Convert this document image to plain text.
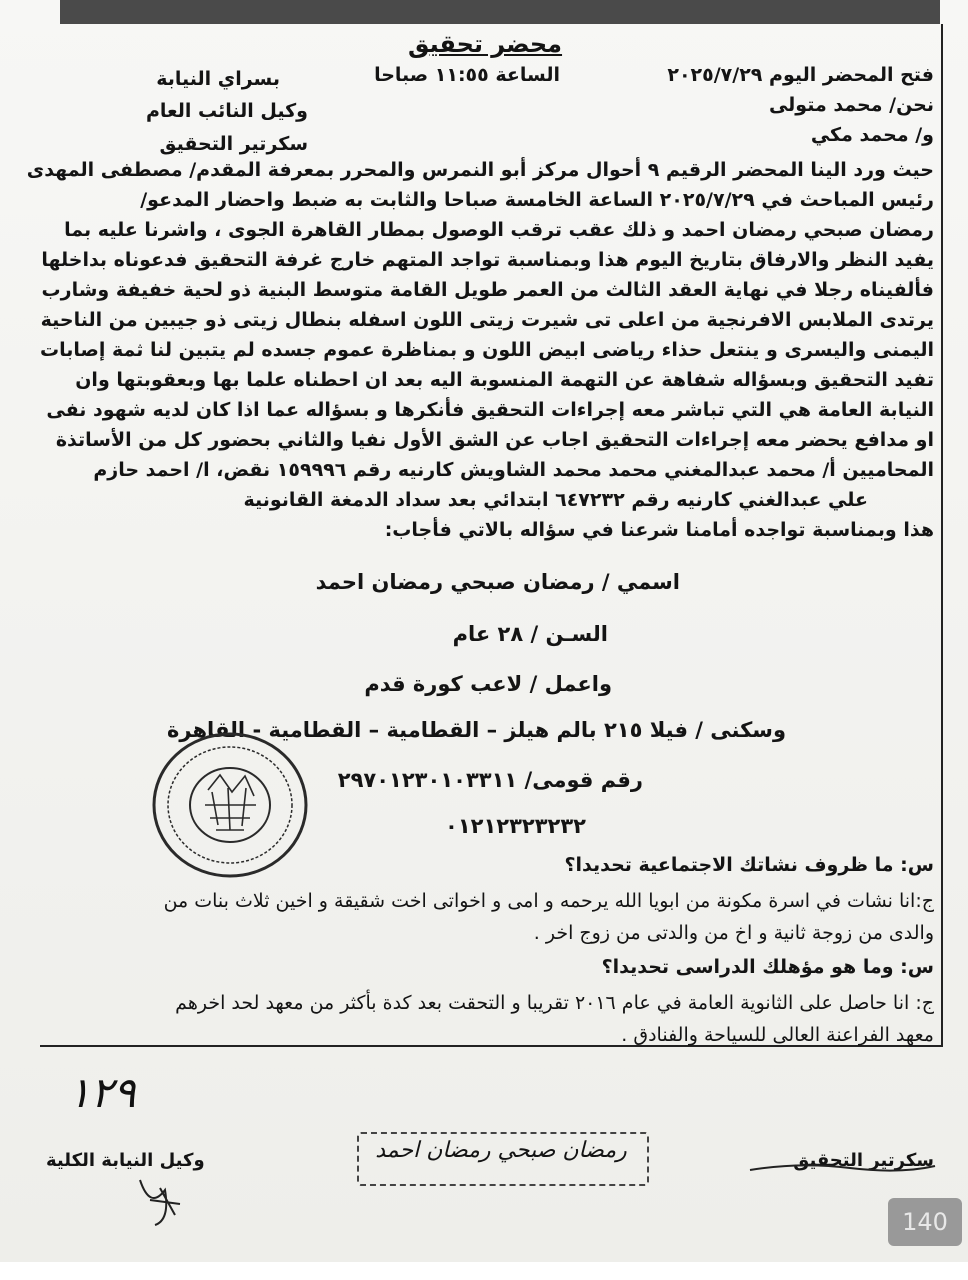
محضر تحقيق
فتح المحضر اليوم ٢٠٢٥/٧/٢٩
الساعة ١١:٥٥ صباحا
نحن/ محمد متولى
و/ محمد مكي
بسراي النيابة
وكيل النائب العام
سكرتير التحقيق
حيث ورد الينا المحضر الرقيم ٩ أحوال مركز أبو النمرس والمحرر بمعرفة المقدم/ مصطفى المهدى
رئيس المباحث في ٢٠٢٥/٧/٢٩ الساعة الخامسة صباحا والثابت به ضبط واحضار المدعو/
رمضان صبحي رمضان احمد و ذلك عقب ترقب الوصول بمطار القاهرة الجوى ، واشرنا عليه بما
يفيد النظر والارفاق بتاريخ اليوم هذا وبمناسبة تواجد المتهم خارج غرفة التحقيق فدعوناه بداخلها
فألفيناه رجلا في نهاية العقد الثالث من العمر طويل القامة متوسط البنية ذو لحية خفيفة وشارب
يرتدى الملابس الافرنجية من اعلى تى شيرت زيتى اللون اسفله بنطال زيتى ذو جيبين من الناحية
اليمنى واليسرى و ينتعل حذاء رياضى ابيض اللون و بمناظرة عموم جسده لم يتبين لنا ثمة إصابات
تفيد التحقيق وبسؤاله شفاهة عن التهمة المنسوبة اليه بعد ان احطناه علما بها وبعقوبتها وان
النيابة العامة هي التي تباشر معه إجراءات التحقيق فأنكرها و بسؤاله عما اذا كان لديه شهود نفى
او مدافع يحضر معه إجراءات التحقيق اجاب عن الشق الأول نفيا والثاني بحضور كل من الأساتذة
المحاميين أ/ محمد عبدالمغني محمد محمد الشاويش كارنيه رقم ١٥٩٩٩٦ نقض، ا/ احمد حازم
علي عبدالغني كارنيه رقم ٦٤٧٢٣٢ ابتدائي بعد سداد الدمغة القانونية
هذا وبمناسبة تواجده أمامنا شرعنا في سؤاله بالاتي فأجاب:
اسمي / رمضان صبحي رمضان احمد
السـن / ٢٨ عام
واعمل / لاعب كورة قدم
وسكنى / فيلا ٢١٥ بالم هيلز – القطامية – القطامية - القاهرة
رقم قومى/ ٢٩٧٠١٢٣٠١٠٣٣١١
٠١٢١٢٣٢٣٢٣٢
س: ما ظروف نشاتك الاجتماعية تحديدا؟
ج:انا نشات في اسرة مكونة من ابويا الله يرحمه و امى و اخواتى اخت شقيقة و اخين ثلاث بنات من
والدى من زوجة ثانية و اخ من والدتى من زوج اخر .
س: وما هو مؤهلك الدراسى تحديدا؟
ج: انا حاصل على الثانوية العامة في عام ٢٠١٦ تقريبا و التحقت بعد كدة بأكثر من معهد لحد اخرهم
معهد الفراعنة العالى للسياحة والفنادق .
١٢٩
سكرتير التحقيق
رمضان صبحي رمضان احمد
وكيل النيابة الكلية
140
